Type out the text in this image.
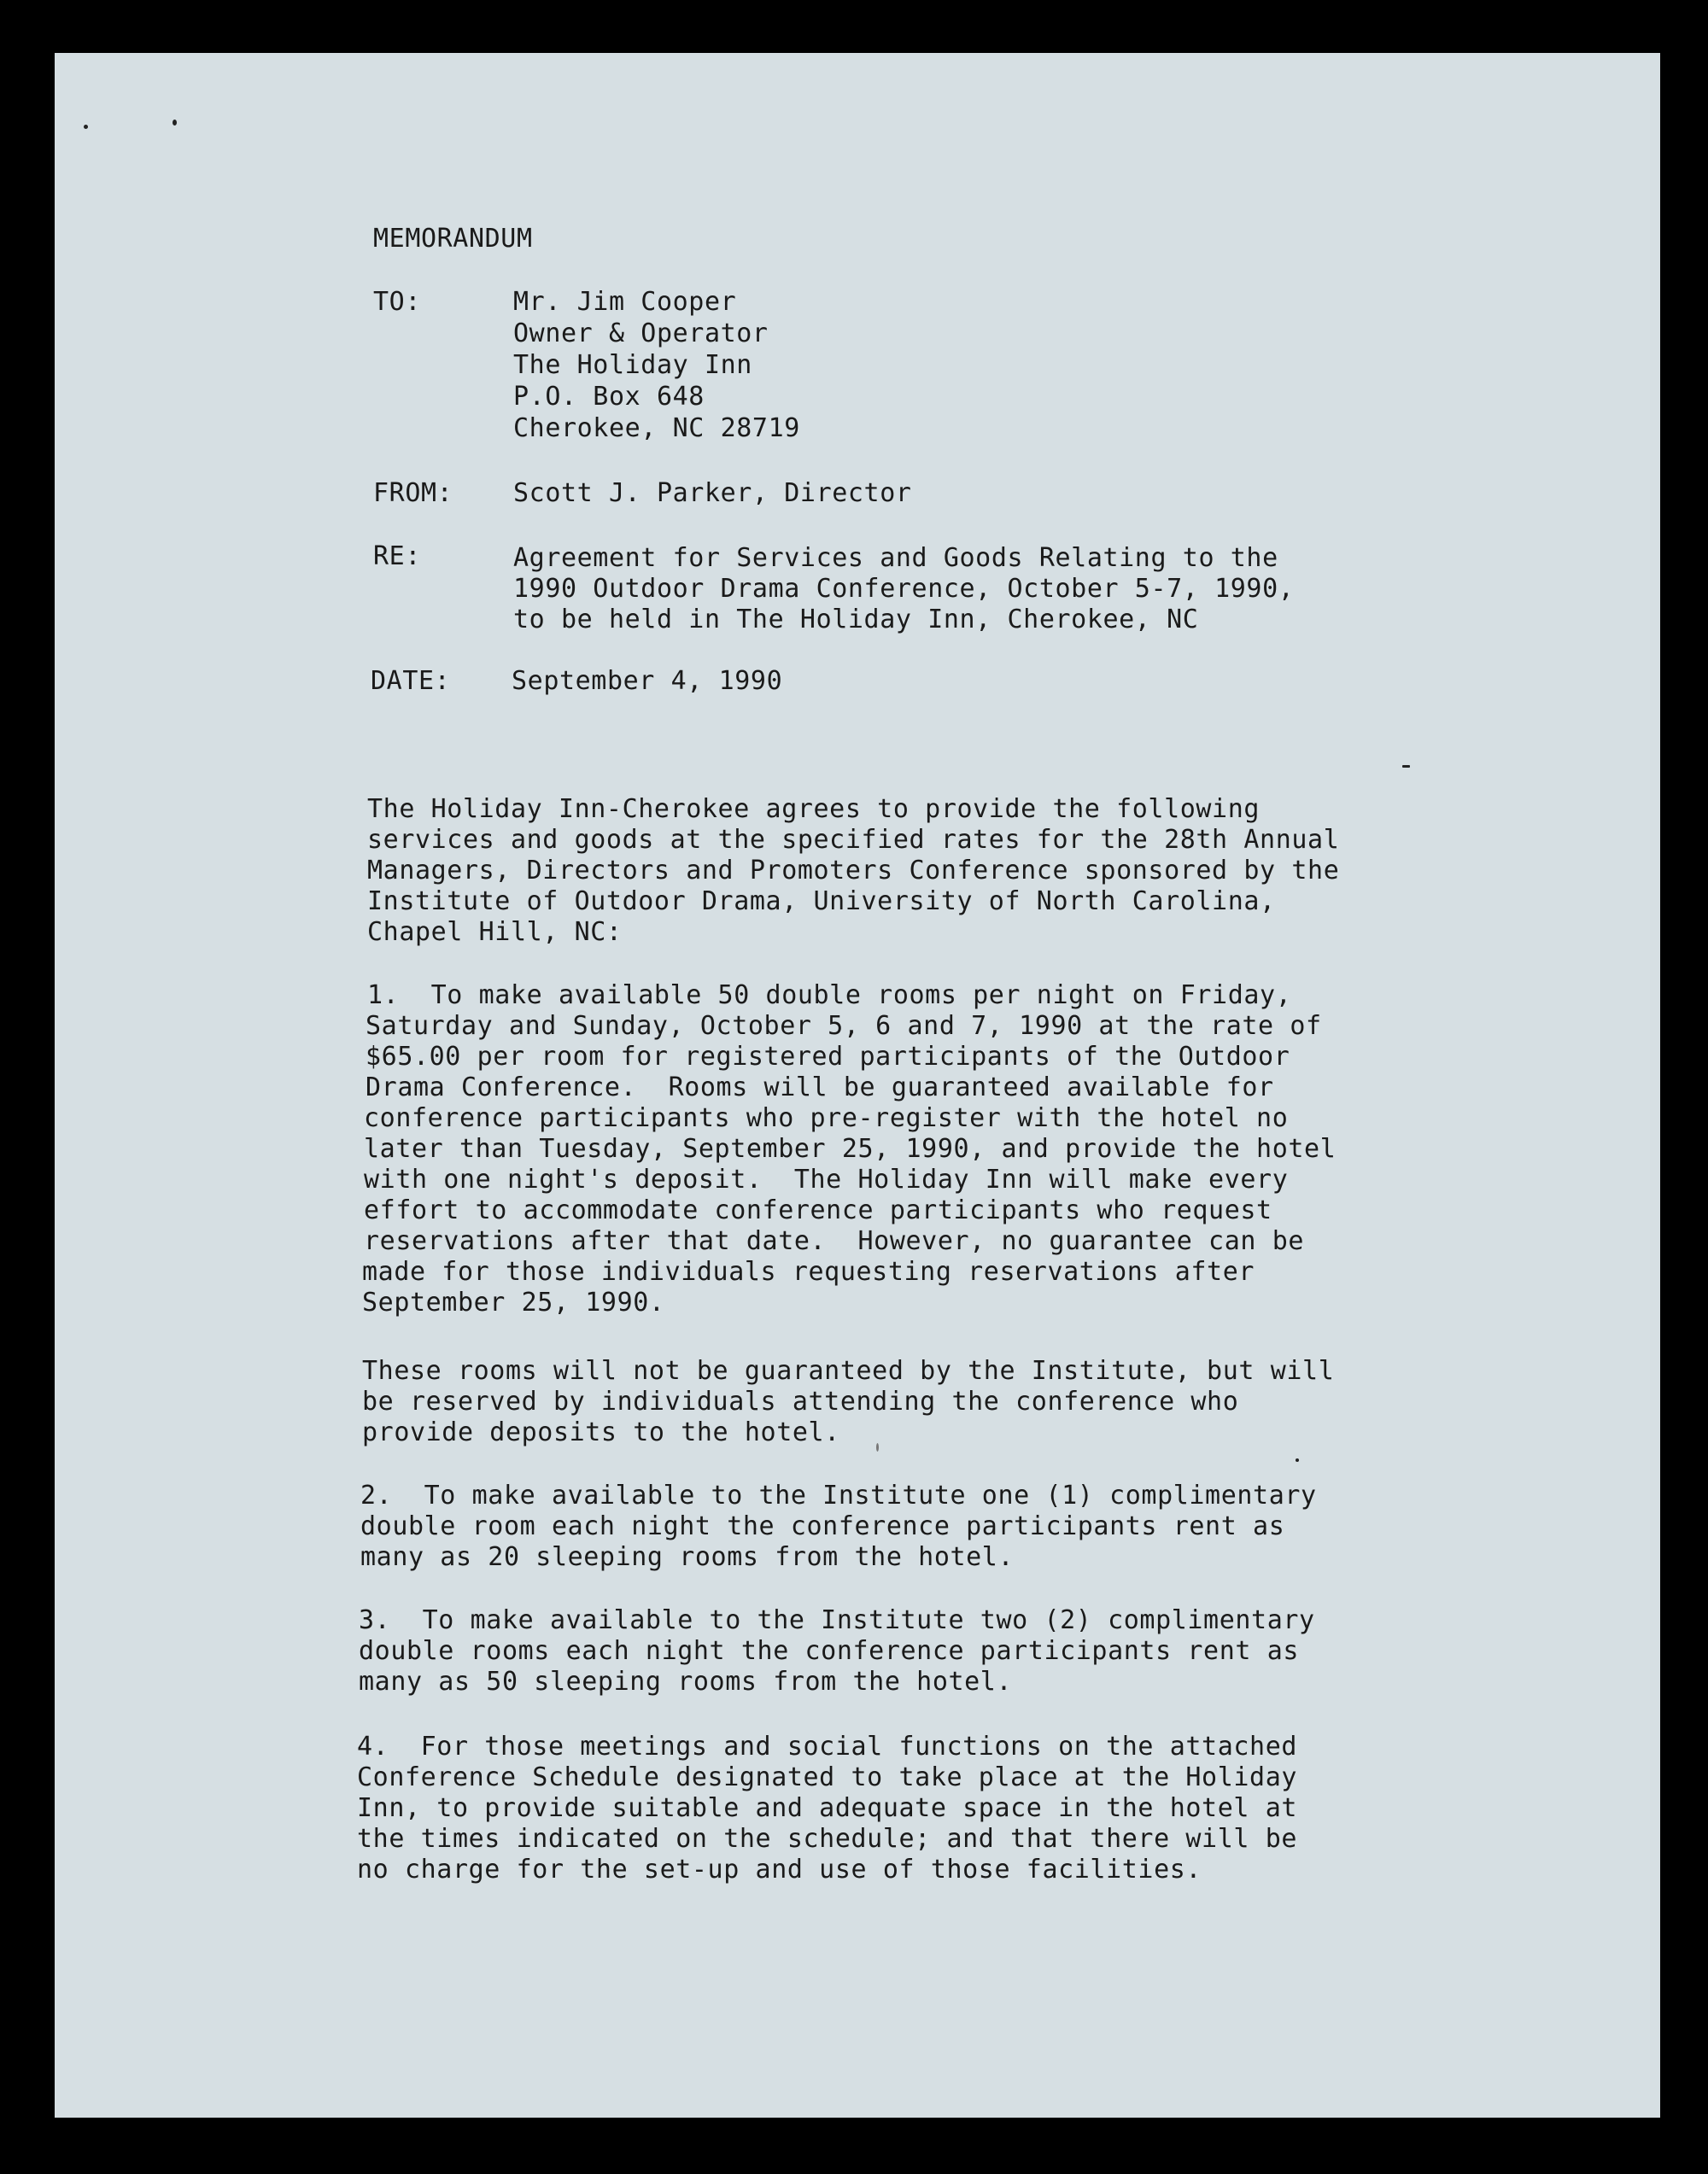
MEMORANDUM
TO:	Mr. Jim Cooper
Owner & Operator
The Holiday Inn
P.O. Box 648
Cherokee, NC 28719
FROM: Scott J. Parker, Director
RE:	Agreement for Services and Goods Relating to the
1990 Outdoor Drama Conference, October 5-7, 1990,
to be held in The Holiday Inn, Cherokee, NC
DATE: September 4, 1990
The Holiday Inn-Cherokee agrees to provide the following
services and goods at the specified rates for the 28th Annual
Managers, Directors and Promoters Conference sponsored by the
Institute of Outdoor Drama, University of North Carolina,
Chapel Hill, NC:
1.  To make available 50 double rooms per night on Friday,
Saturday and Sunday, October 5, 6 and 7, 1990 at the rate of
$65.00 per room for registered participants of the Outdoor
Drama Conference.  Rooms will be guaranteed available for
conference participants who pre-register with the hotel no
later than Tuesday, September 25, 1990, and provide the hotel
with one night's deposit.  The Holiday Inn will make every
effort to accommodate conference participants who request
reservations after that date.  However, no guarantee can be
made for those individuals requesting reservations after
September 25, 1990.
These rooms will not be guaranteed by the Institute, but will
be reserved by individuals attending the conference who
provide deposits to the hotel.
2.  To make available to the Institute one (1) complimentary
double room each night the conference participants rent as
many as 20 sleeping rooms from the hotel.
3.  To make available to the Institute two (2) complimentary
double rooms each night the conference participants rent as
many as 50 sleeping rooms from the hotel.
4.  For those meetings and social functions on the attached
Conference Schedule designated to take place at the Holiday
Inn, to provide suitable and adequate space in the hotel at
the times indicated on the schedule; and that there will be
no charge for the set-up and use of those facilities.
